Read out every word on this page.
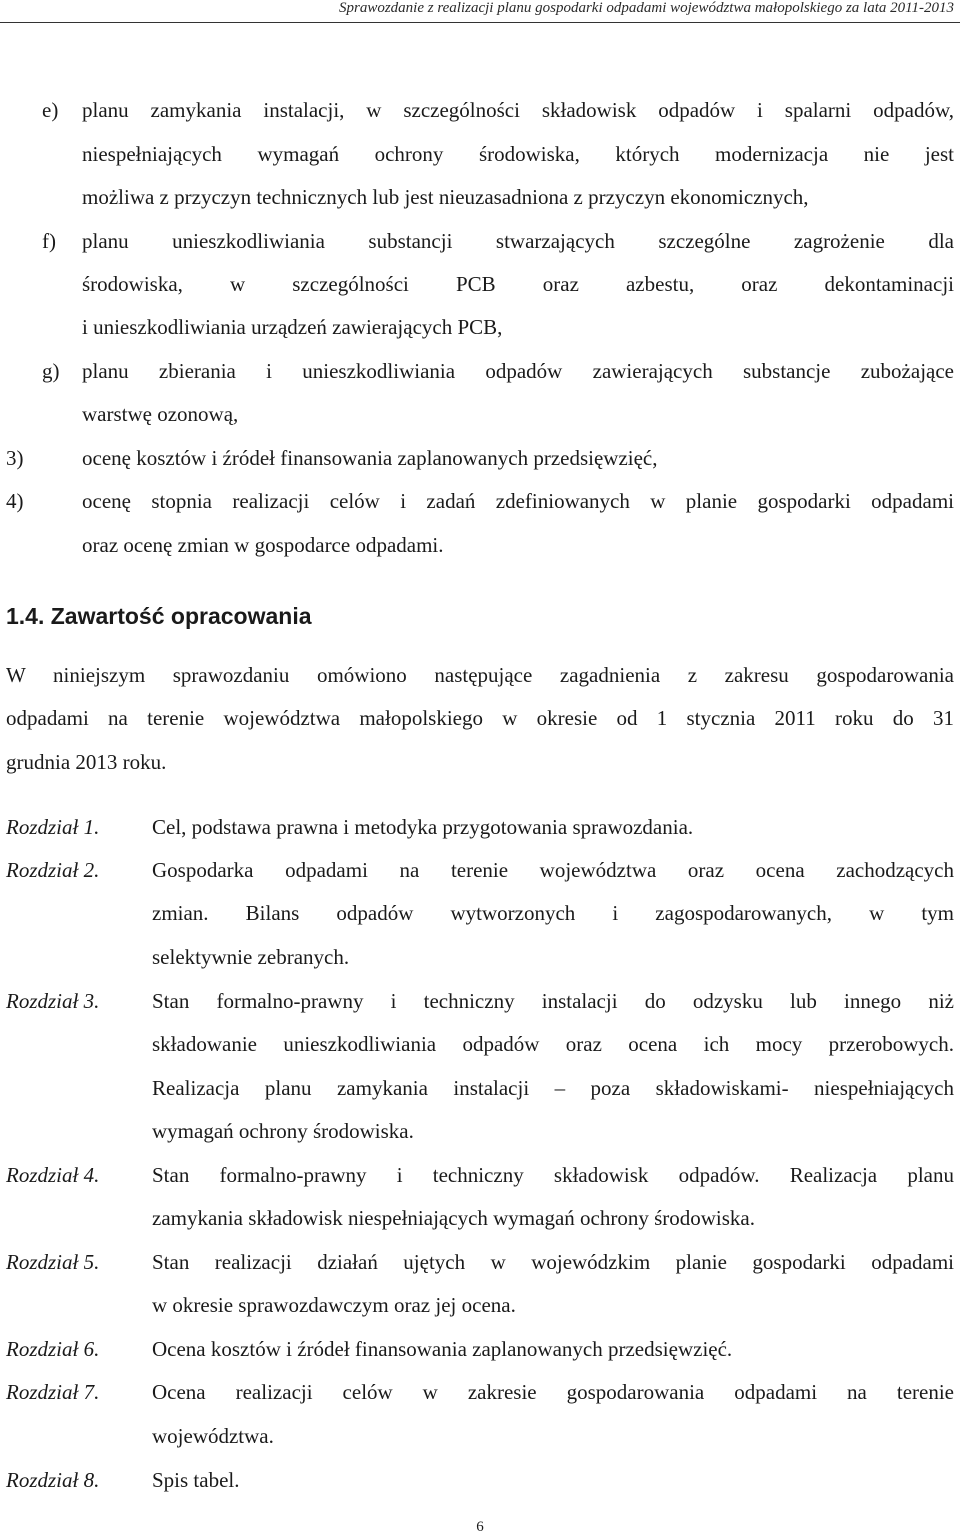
Sprawozdanie z realizacji planu gospodarki odpadami województwa małopolskiego za lata 2011-2013
e) planu zamykania instalacji, w szczególności składowisk odpadów i spalarni odpadów,
niespełniających wymagań ochrony środowiska, których modernizacja nie jest
możliwa z przyczyn technicznych lub jest nieuzasadniona z przyczyn ekonomicznych,
f) planu unieszkodliwiania substancji stwarzających szczególne zagrożenie dla
środowiska, w szczególności PCB oraz azbestu, oraz dekontaminacji
i unieszkodliwiania urządzeń zawierających PCB,
g) planu zbierania i unieszkodliwiania odpadów zawierających substancje zubożające
warstwę ozonową,
3)	ocenę kosztów i źródeł finansowania zaplanowanych przedsięwzięć,
4)	ocenę stopnia realizacji celów i zadań zdefiniowanych w planie gospodarki odpadami
oraz ocenę zmian w gospodarce odpadami.
1.4. Zawartość opracowania
W niniejszym sprawozdaniu omówiono następujące zagadnienia z zakresu gospodarowania
odpadami na terenie województwa małopolskiego w okresie od 1 stycznia 2011 roku do 31
grudnia 2013 roku.
Rozdział 1.	Cel, podstawa prawna i metodyka przygotowania sprawozdania.
Rozdział 2.	Gospodarka odpadami na terenie województwa oraz ocena zachodzących
zmian. Bilans odpadów wytworzonych i zagospodarowanych, w tym
selektywnie zebranych.
Rozdział 3.	Stan formalno-prawny i techniczny instalacji do odzysku lub innego niż
składowanie unieszkodliwiania odpadów oraz ocena ich mocy przerobowych.
Realizacja planu zamykania instalacji – poza składowiskami- niespełniających
wymagań ochrony środowiska.
Rozdział 4.	Stan formalno-prawny i techniczny składowisk odpadów. Realizacja planu
zamykania składowisk niespełniających wymagań ochrony środowiska.
Rozdział 5.	Stan realizacji działań ujętych w wojewódzkim planie gospodarki odpadami
w okresie sprawozdawczym oraz jej ocena.
Rozdział 6.	Ocena kosztów i źródeł finansowania zaplanowanych przedsięwzięć.
Rozdział 7.	Ocena realizacji celów w zakresie gospodarowania odpadami na terenie
województwa.
Rozdział 8.	Spis tabel.
6
